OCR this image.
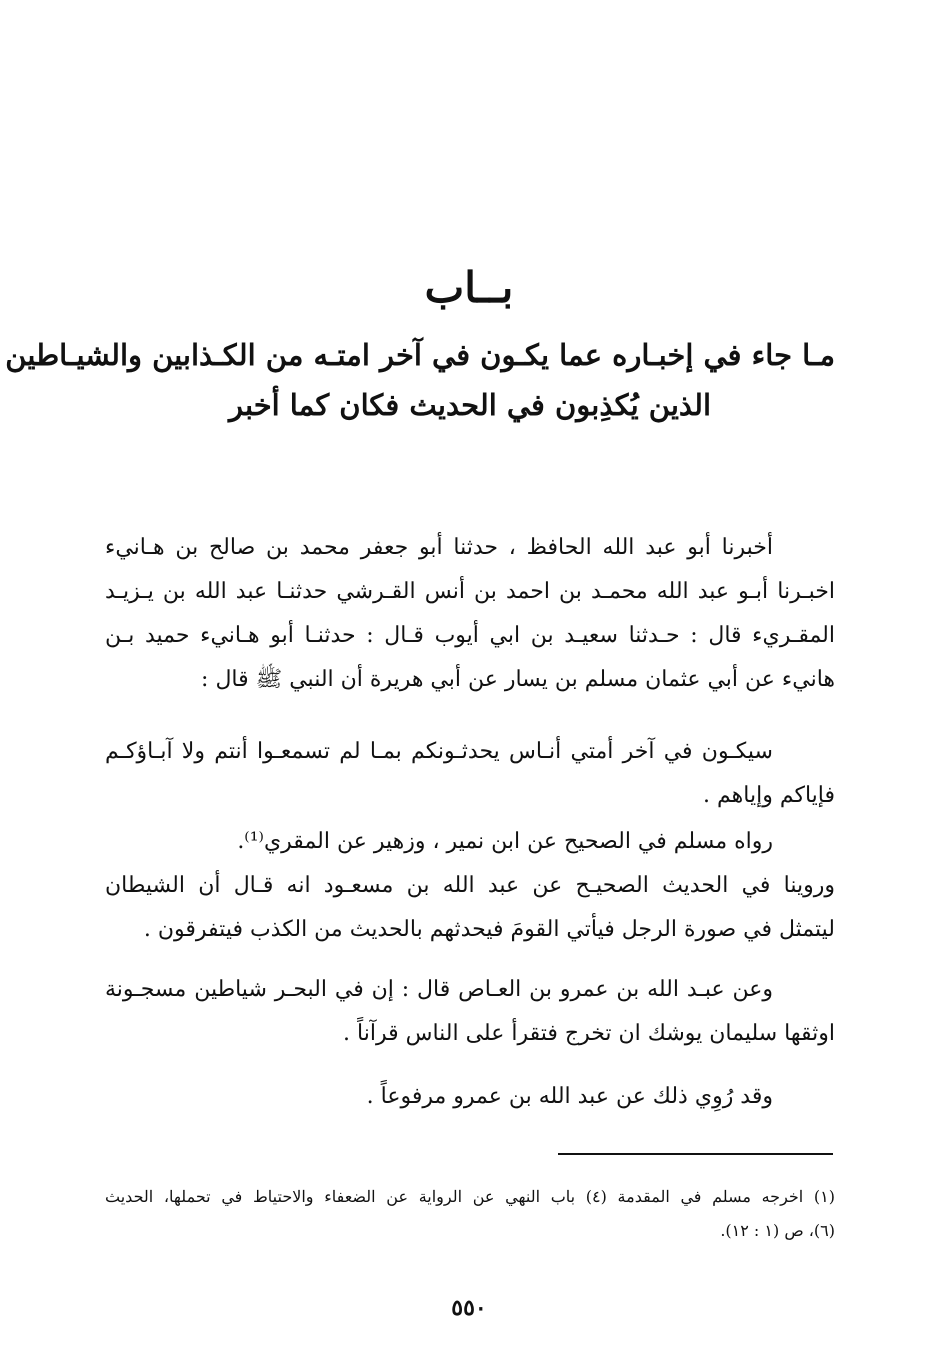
بــاب
مـا جاء في إخبـاره عما يكـون في آخر امتـه من الكـذابين والشيـاطين
الذين يُكذِبون في الحديث فكان كما أخبر
أخبرنا أبو عبد الله الحافظ ، حدثنا أبو جعفر محمد بن صالح بن هـانيء
اخبـرنا أبـو عبد الله محمـد بن احمد بن أنس القـرشي حدثنـا عبد الله بن يـزيـد
المقـريء قال : حـدثنا سعيـد بن ابي أيوب قـال : حدثنـا أبو هـانيء حميد بـن
هانيء عن أبي عثمان مسلم بن يسار عن أبي هريرة أن النبي ﷺ قال :
سيكـون في آخر أمتي أنـاس يحدثـونكم بمـا لم تسمعـوا أنتم ولا آبـاؤكـم
فإياكم وإياهم .
رواه مسلم في الصحيح عن ابن نمير ، وزهير عن المقري⁽¹⁾.
وروينا في الحديث الصحيـح عن عبد الله بن مسعـود انه قـال أن الشيطان
ليتمثل في صورة الرجل فيأتي القومَ فيحدثهم بالحديث من الكذب فيتفرقون .
وعن عبـد الله بن عمرو بن العـاص قال : إن في البحـر شياطين مسجـونة
اوثقها سليمان يوشك ان تخرج فتقرأ على الناس قرآناً .
وقد رُوِي ذلك عن عبد الله بن عمرو مرفوعاً .
(١) اخرجه مسلم في المقدمة (٤) باب النهي عن الرواية عن الضعفاء والاحتياط في تحملها، الحديث
(٦)، ص (١ : ١٢).
٥٥٠
